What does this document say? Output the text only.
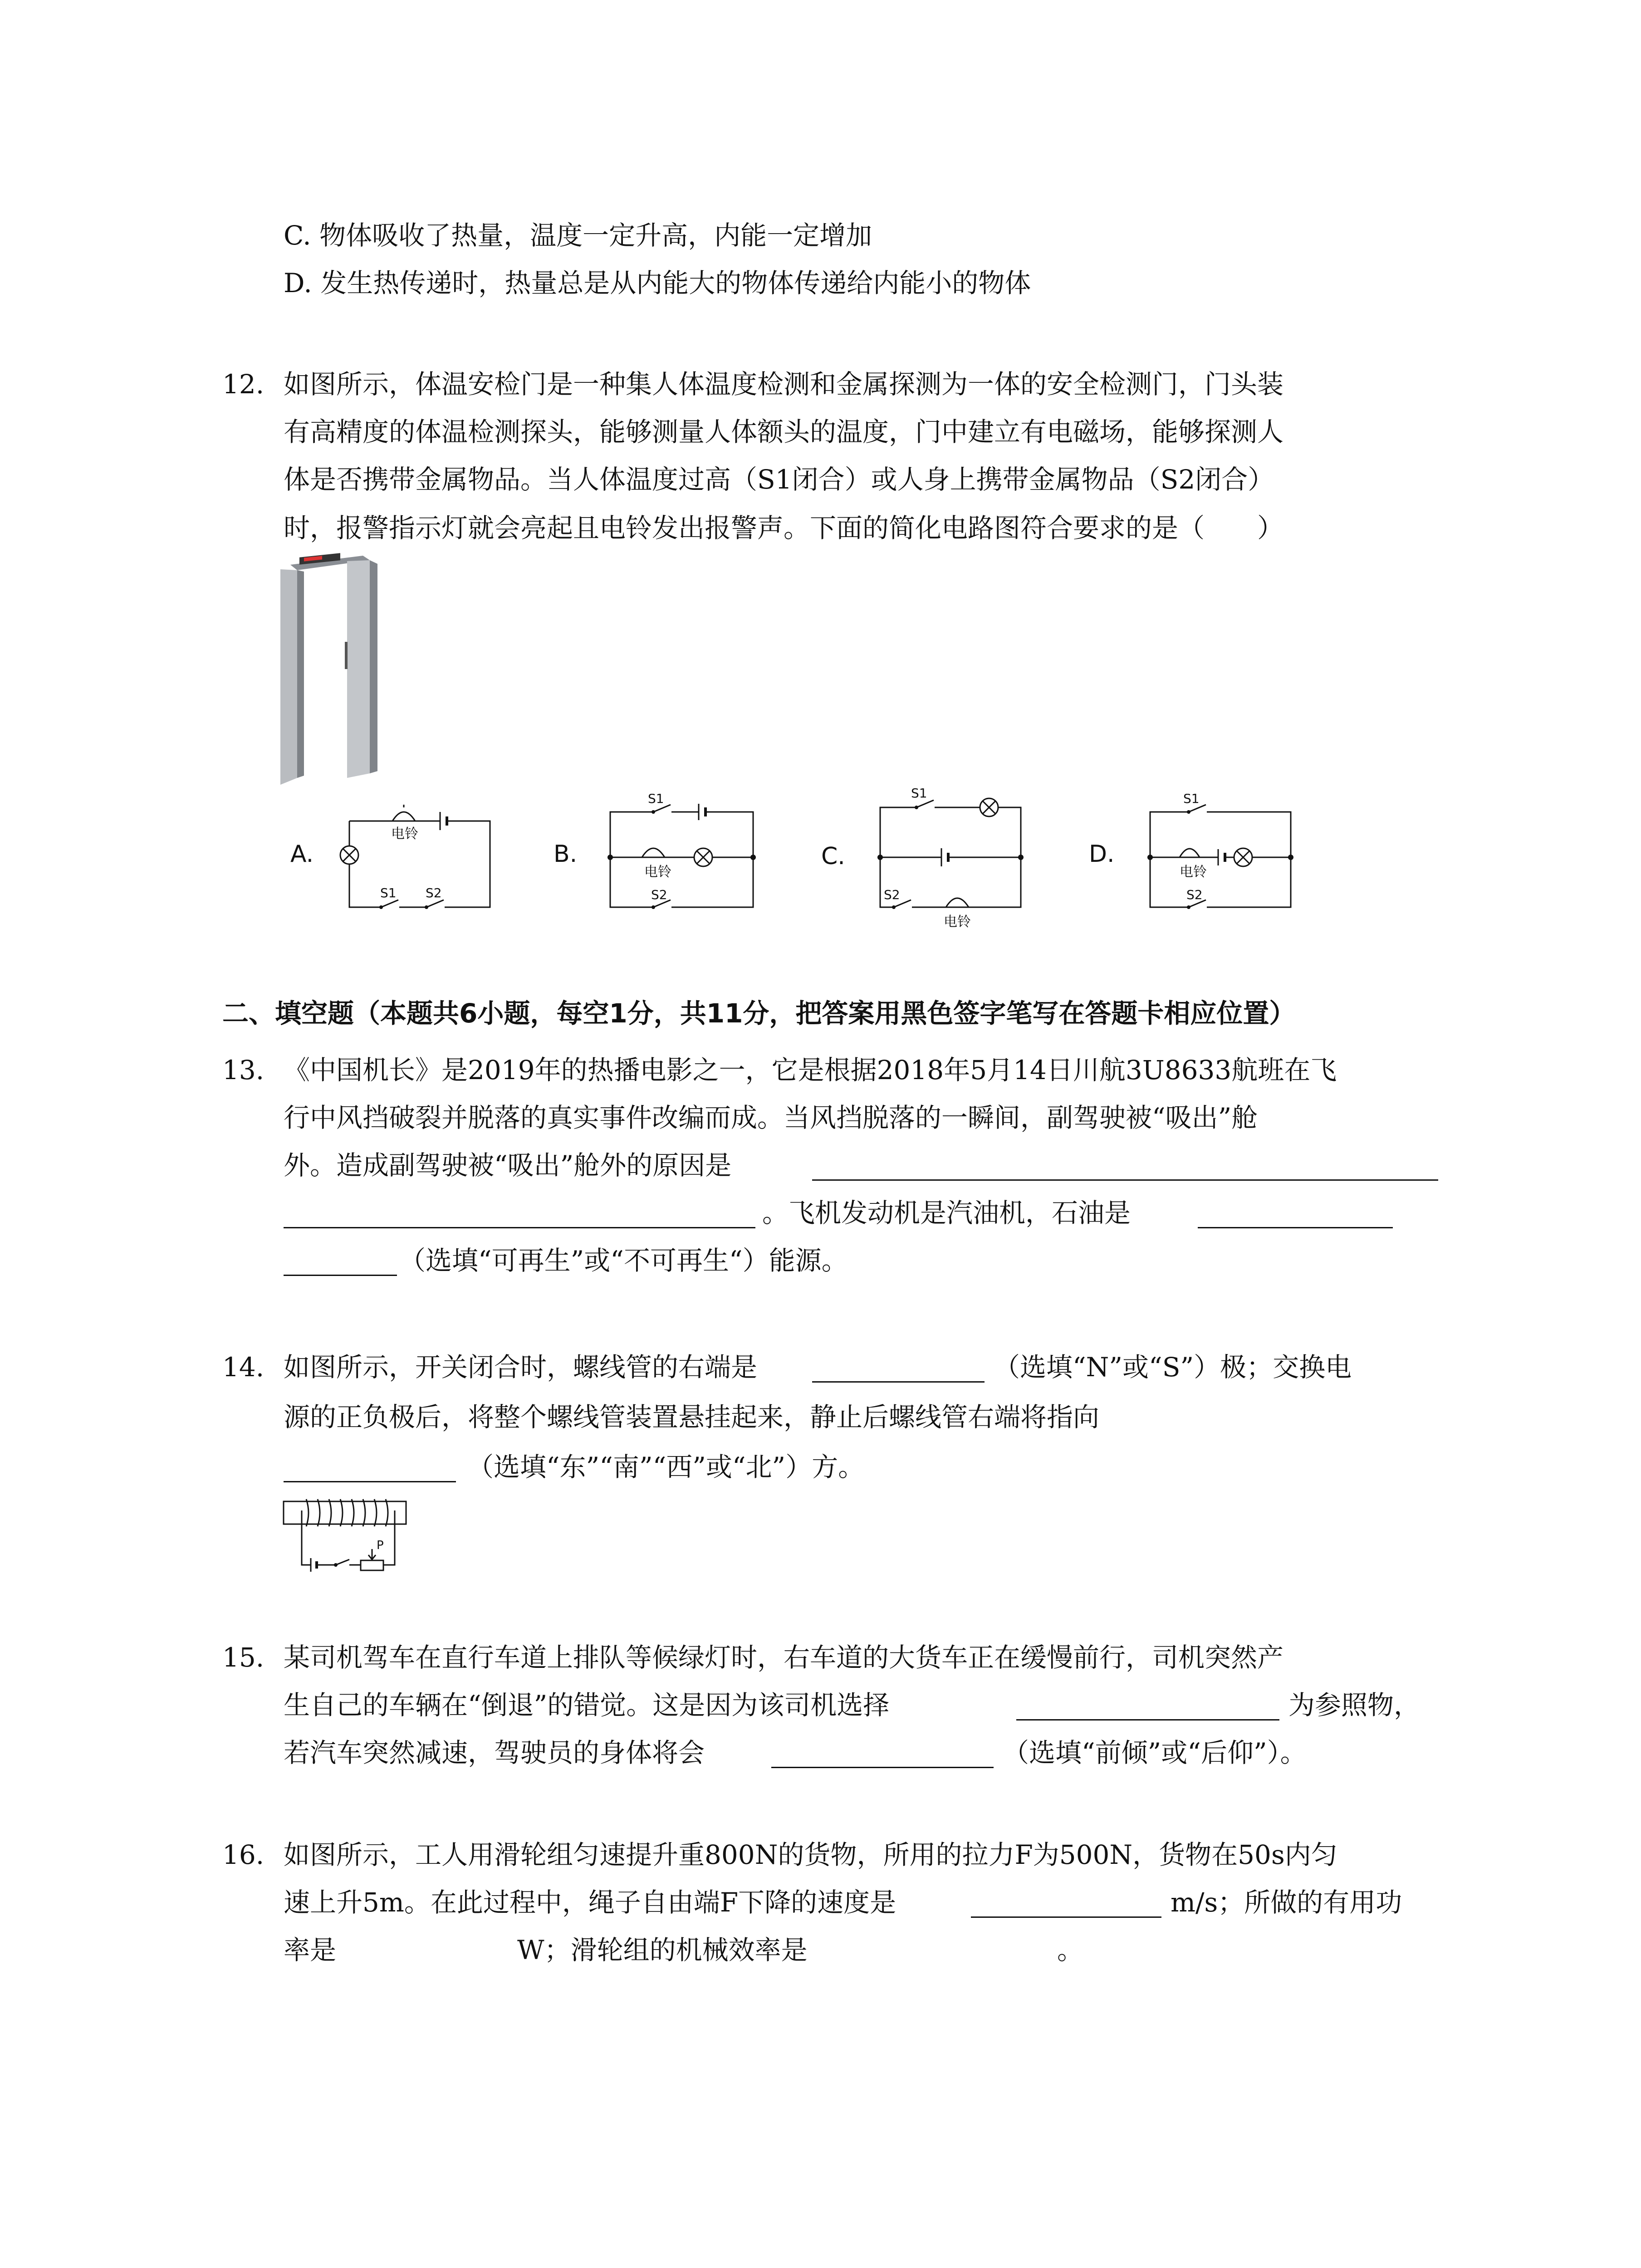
C. 物体吸收了热量，温度一定升高，内能一定增加
D. 发生热传递时，热量总是从内能大的物体传递给内能小的物体
12. 如图所示，体温安检门是一种集人体温度检测和金属探测为一体的安全检测门，门头装
有高精度的体温检测探头，能够测量人体额头的温度，门中建立有电磁场，能够探测人
体是否携带金属物品。当人体温度过高（S1闭合）或人身上携带金属物品（S2闭合）
时，报警指示灯就会亮起且电铃发出报警声。下面的简化电路图符合要求的是（　　）
A.
电铃
S1 S2
B.
S1
电铃
S2
C.
S1
S2
电铃
D.
S1
电铃
S2
二、填空题（本题共6小题，每空1分，共11分，把答案用黑色签字笔写在答题卡相应位置）
13. 《中国机长》是2019年的热播电影之一，它是根据2018年5月14日川航3U8633航班在飞
行中风挡破裂并脱落的真实事件改编而成。当风挡脱落的一瞬间，副驾驶被“吸出”舱
外。造成副驾驶被“吸出”舱外的原因是
。飞机发动机是汽油机，石油是
（选填“可再生”或“不可再生“）能源。
14. 如图所示，开关闭合时，螺线管的右端是	（选填“N”或“S”）极；交换电
源的正负极后，将整个螺线管装置悬挂起来，静止后螺线管右端将指向
（选填“东”“南”“西”或“北”）方。
P
15. 某司机驾车在直行车道上排队等候绿灯时，右车道的大货车正在缓慢前行，司机突然产
生自己的车辆在“倒退”的错觉。这是因为该司机选择	为参照物，
若汽车突然减速，驾驶员的身体将会	（选填“前倾”或“后仰”）。
16. 如图所示，工人用滑轮组匀速提升重800N的货物，所用的拉力F为500N，货物在50s内匀
速上升5m。在此过程中，绳子自由端F下降的速度是	m/s；所做的有用功
率是	W；滑轮组的机械效率是	。
